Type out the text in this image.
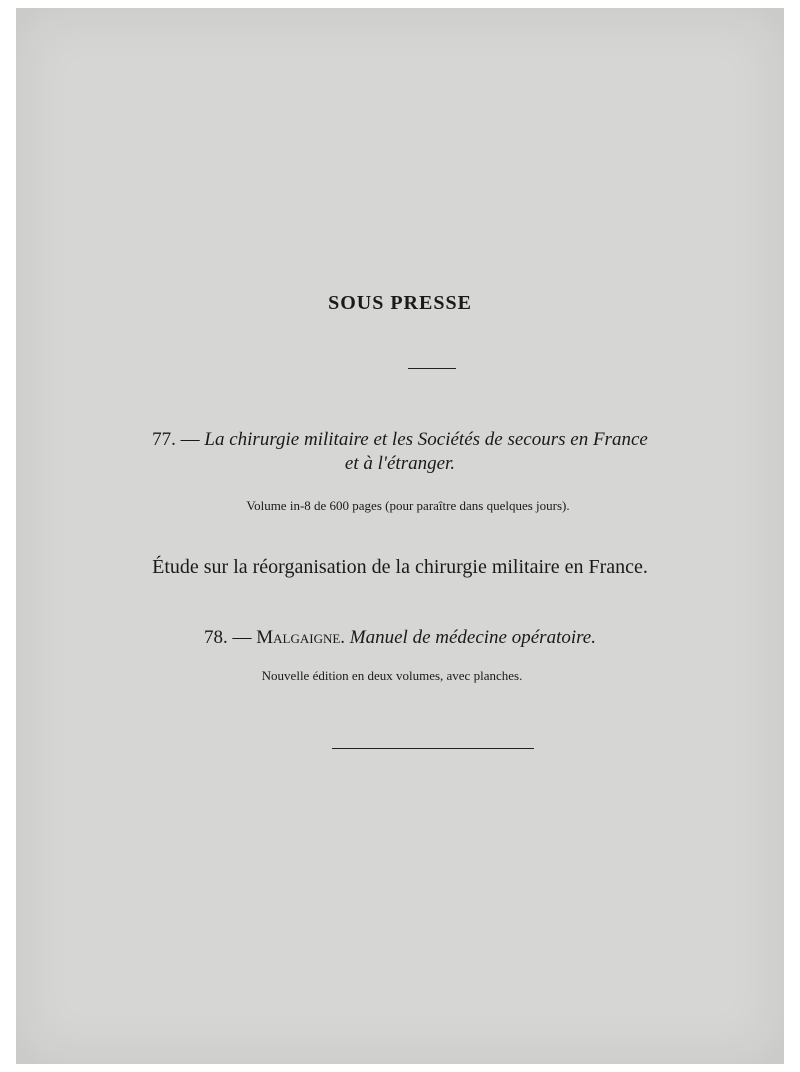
SOUS PRESSE
77. — La chirurgie militaire et les Sociétés de secours en France
et à l'étranger.
Volume in-8 de 600 pages (pour paraître dans quelques jours).
Étude sur la réorganisation de la chirurgie militaire en France.
78. — Malgaigne. Manuel de médecine opératoire.
Nouvelle édition en deux volumes, avec planches.
